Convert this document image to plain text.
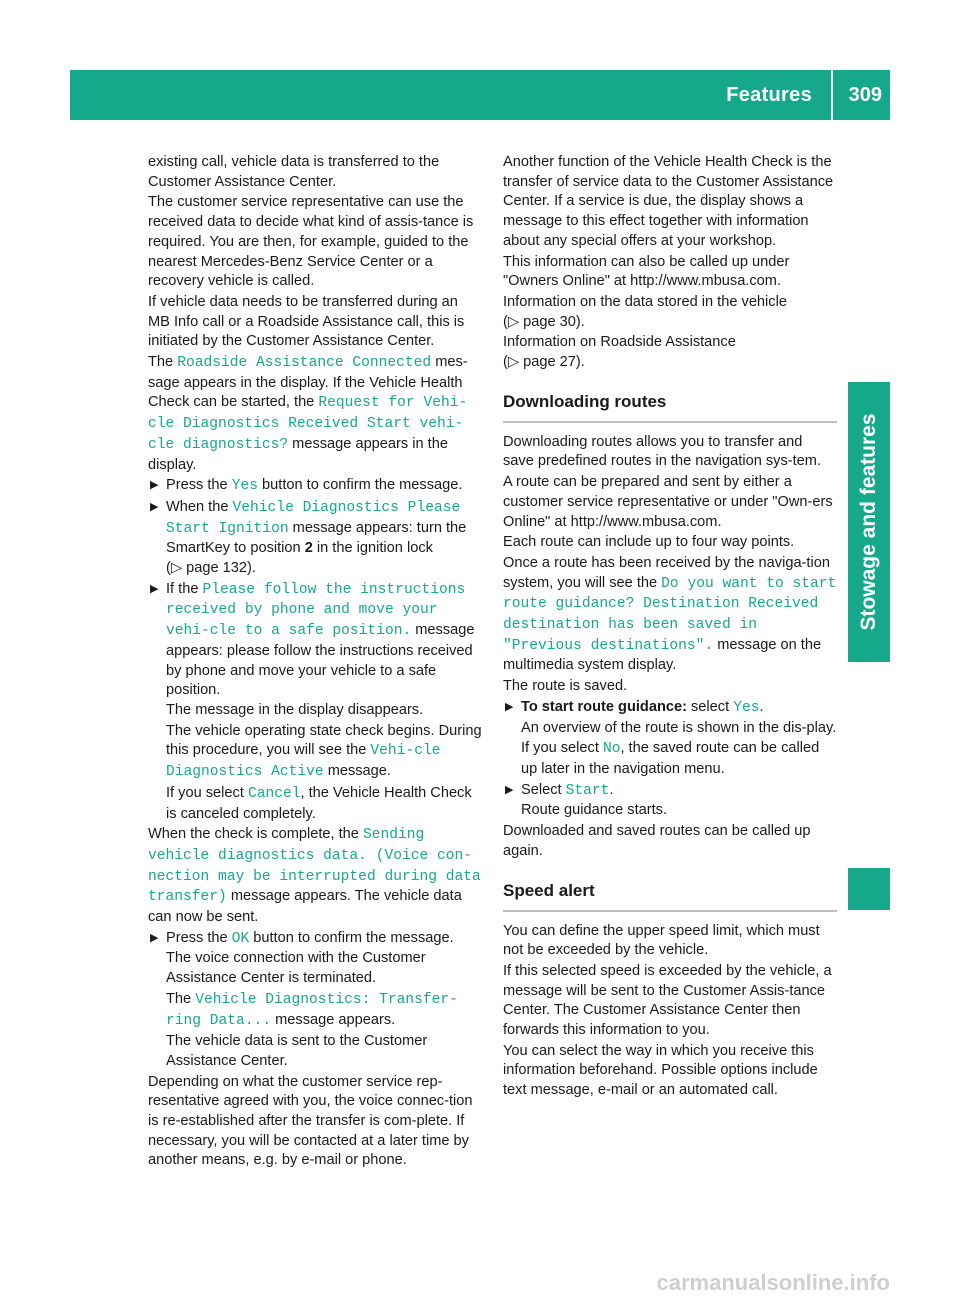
Features 309
Stowage and features

existing call, vehicle data is transferred to the Customer Assistance Center.

The customer service representative can use the received data to decide what kind of assis-tance is required. You are then, for example, guided to the nearest Mercedes-Benz Service Center or a recovery vehicle is called.

If vehicle data needs to be transferred during an MB Info call or a Roadside Assistance call, this is initiated by the Customer Assistance Center.

The Roadside Assistance Connected mes-sage appears in the display. If the Vehicle Health Check can be started, the Request for Vehi‐cle Diagnostics Received Start vehi‐cle diagnostics? message appears in the display.

▶ Press the Yes button to confirm the message.
▶ When the Vehicle Diagnostics Please Start Ignition message appears: turn the SmartKey to position 2 in the ignition lock
(▷ page 132).
▶ If the Please follow the instructions received by phone and move your vehi‐cle to a safe position. message appears: please follow the instructions received by phone and move your vehicle to a safe position.
The message in the display disappears.
The vehicle operating state check begins. During this procedure, you will see the Vehi‐cle Diagnostics Active message.
If you select Cancel, the Vehicle Health Check is canceled completely.

When the check is complete, the Sending vehicle diagnostics data. (Voice con‐nection may be interrupted during data transfer) message appears. The vehicle data can now be sent.

▶ Press the OK button to confirm the message.
The voice connection with the Customer Assistance Center is terminated.
The Vehicle Diagnostics: Transfer‐ring Data... message appears.
The vehicle data is sent to the Customer Assistance Center.

Depending on what the customer service rep-resentative agreed with you, the voice connec-tion is re-established after the transfer is com-plete. If necessary, you will be contacted at a later time by another means, e.g. by e-mail or phone.

Another function of the Vehicle Health Check is the transfer of service data to the Customer Assistance Center. If a service is due, the display shows a message to this effect together with information about any special offers at your workshop.

This information can also be called up under "Owners Online" at http://www.mbusa.com.

Information on the data stored in the vehicle
(▷ page 30).

Information on Roadside Assistance
(▷ page 27).

Downloading routes

Downloading routes allows you to transfer and save predefined routes in the navigation sys-tem.

A route can be prepared and sent by either a customer service representative or under "Own-ers Online" at http://www.mbusa.com.

Each route can include up to four way points.

Once a route has been received by the naviga-tion system, you will see the Do you want to start route guidance? Destination Received destination has been saved in "Previous destinations". message on the multimedia system display.

The route is saved.

▶ To start route guidance: select Yes.
An overview of the route is shown in the dis-play.
If you select No, the saved route can be called up later in the navigation menu.
▶ Select Start.
Route guidance starts.

Downloaded and saved routes can be called up again.

Speed alert

You can define the upper speed limit, which must not be exceeded by the vehicle.

If this selected speed is exceeded by the vehicle, a message will be sent to the Customer Assis-tance Center. The Customer Assistance Center then forwards this information to you.

You can select the way in which you receive this information beforehand. Possible options include text message, e-mail or an automated call.

carmanualsonline.info
